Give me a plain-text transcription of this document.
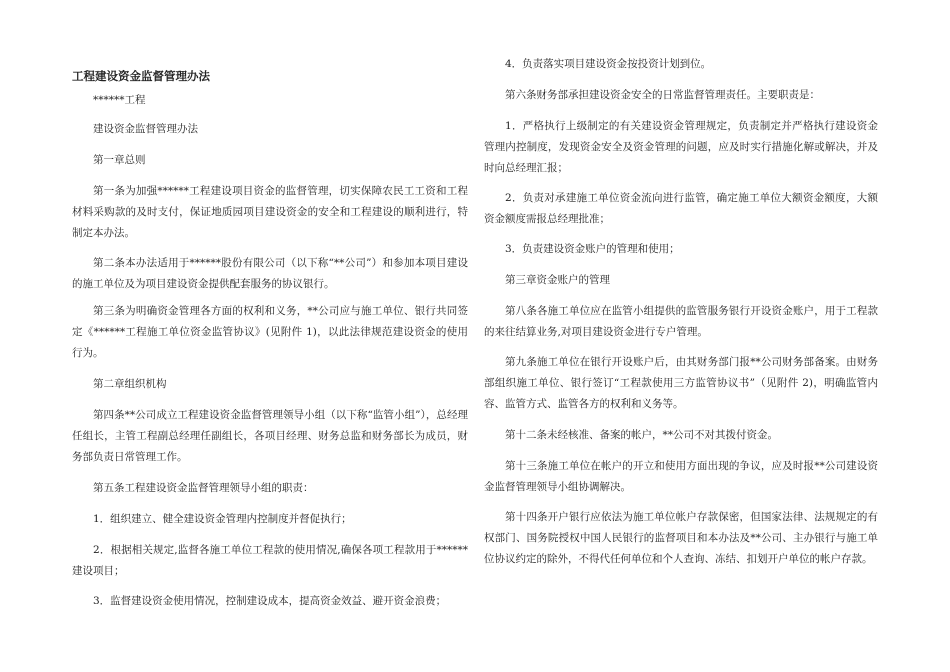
工程建设资金监督管理办法

******工程

建设资金监督管理办法

第一章总则

第一条为加强******工程建设项目资金的监督管理，切实保障农民工工资和工程材料采购款的及时支付，保证地质园项目建设资金的安全和工程建设的顺利进行，特制定本办法。

第二条本办法适用于******股份有限公司（以下称“**公司”）和参加本项目建设的施工单位及为项目建设资金提供配套服务的协议银行。

第三条为明确资金管理各方面的权利和义务，**公司应与施工单位、银行共同签定《******工程施工单位资金监管协议》(见附件 1)，以此法律规范建设资金的使用行为。

第二章组织机构

第四条**公司成立工程建设资金监督管理领导小组（以下称“监管小组”），总经理任组长，主管工程副总经理任副组长，各项目经理、财务总监和财务部长为成员，财务部负责日常管理工作。

第五条工程建设资金监督管理领导小组的职责：

1．组织建立、健全建设资金管理内控制度并督促执行；

2．根据相关规定,监督各施工单位工程款的使用情况,确保各项工程款用于******建设项目；

3．监督建设资金使用情况，控制建设成本，提高资金效益、避开资金浪费；

4．负责落实项目建设资金按投资计划到位。

第六条财务部承担建设资金安全的日常监督管理责任。主要职责是：

1．严格执行上级制定的有关建设资金管理规定，负责制定并严格执行建设资金管理内控制度，发现资金安全及资金管理的问题，应及时实行措施化解或解决，并及时向总经理汇报；

2．负责对承建施工单位资金流向进行监管，确定施工单位大额资金额度，大额资金额度需报总经理批准；

3．负责建设资金账户的管理和使用；

第三章资金账户的管理

第八条各施工单位应在监管小组提供的监管服务银行开设资金账户，用于工程款的来往结算业务,对项目建设资金进行专户管理。

第九条施工单位在银行开设账户后，由其财务部门报**公司财务部备案。由财务部组织施工单位、银行签订“工程款使用三方监管协议书”（见附件 2)，明确监管内容、监管方式、监管各方的权利和义务等。

第十二条未经核准、备案的帐户，**公司不对其拨付资金。

第十三条施工单位在帐户的开立和使用方面出现的争议，应及时报**公司建设资金监督管理领导小组协调解决。

第十四条开户银行应依法为施工单位帐户存款保密，但国家法律、法规规定的有权部门、国务院授权中国人民银行的监督项目和本办法及**公司、主办银行与施工单位协议约定的除外，不得代任何单位和个人查询、冻结、扣划开户单位的帐户存款。
